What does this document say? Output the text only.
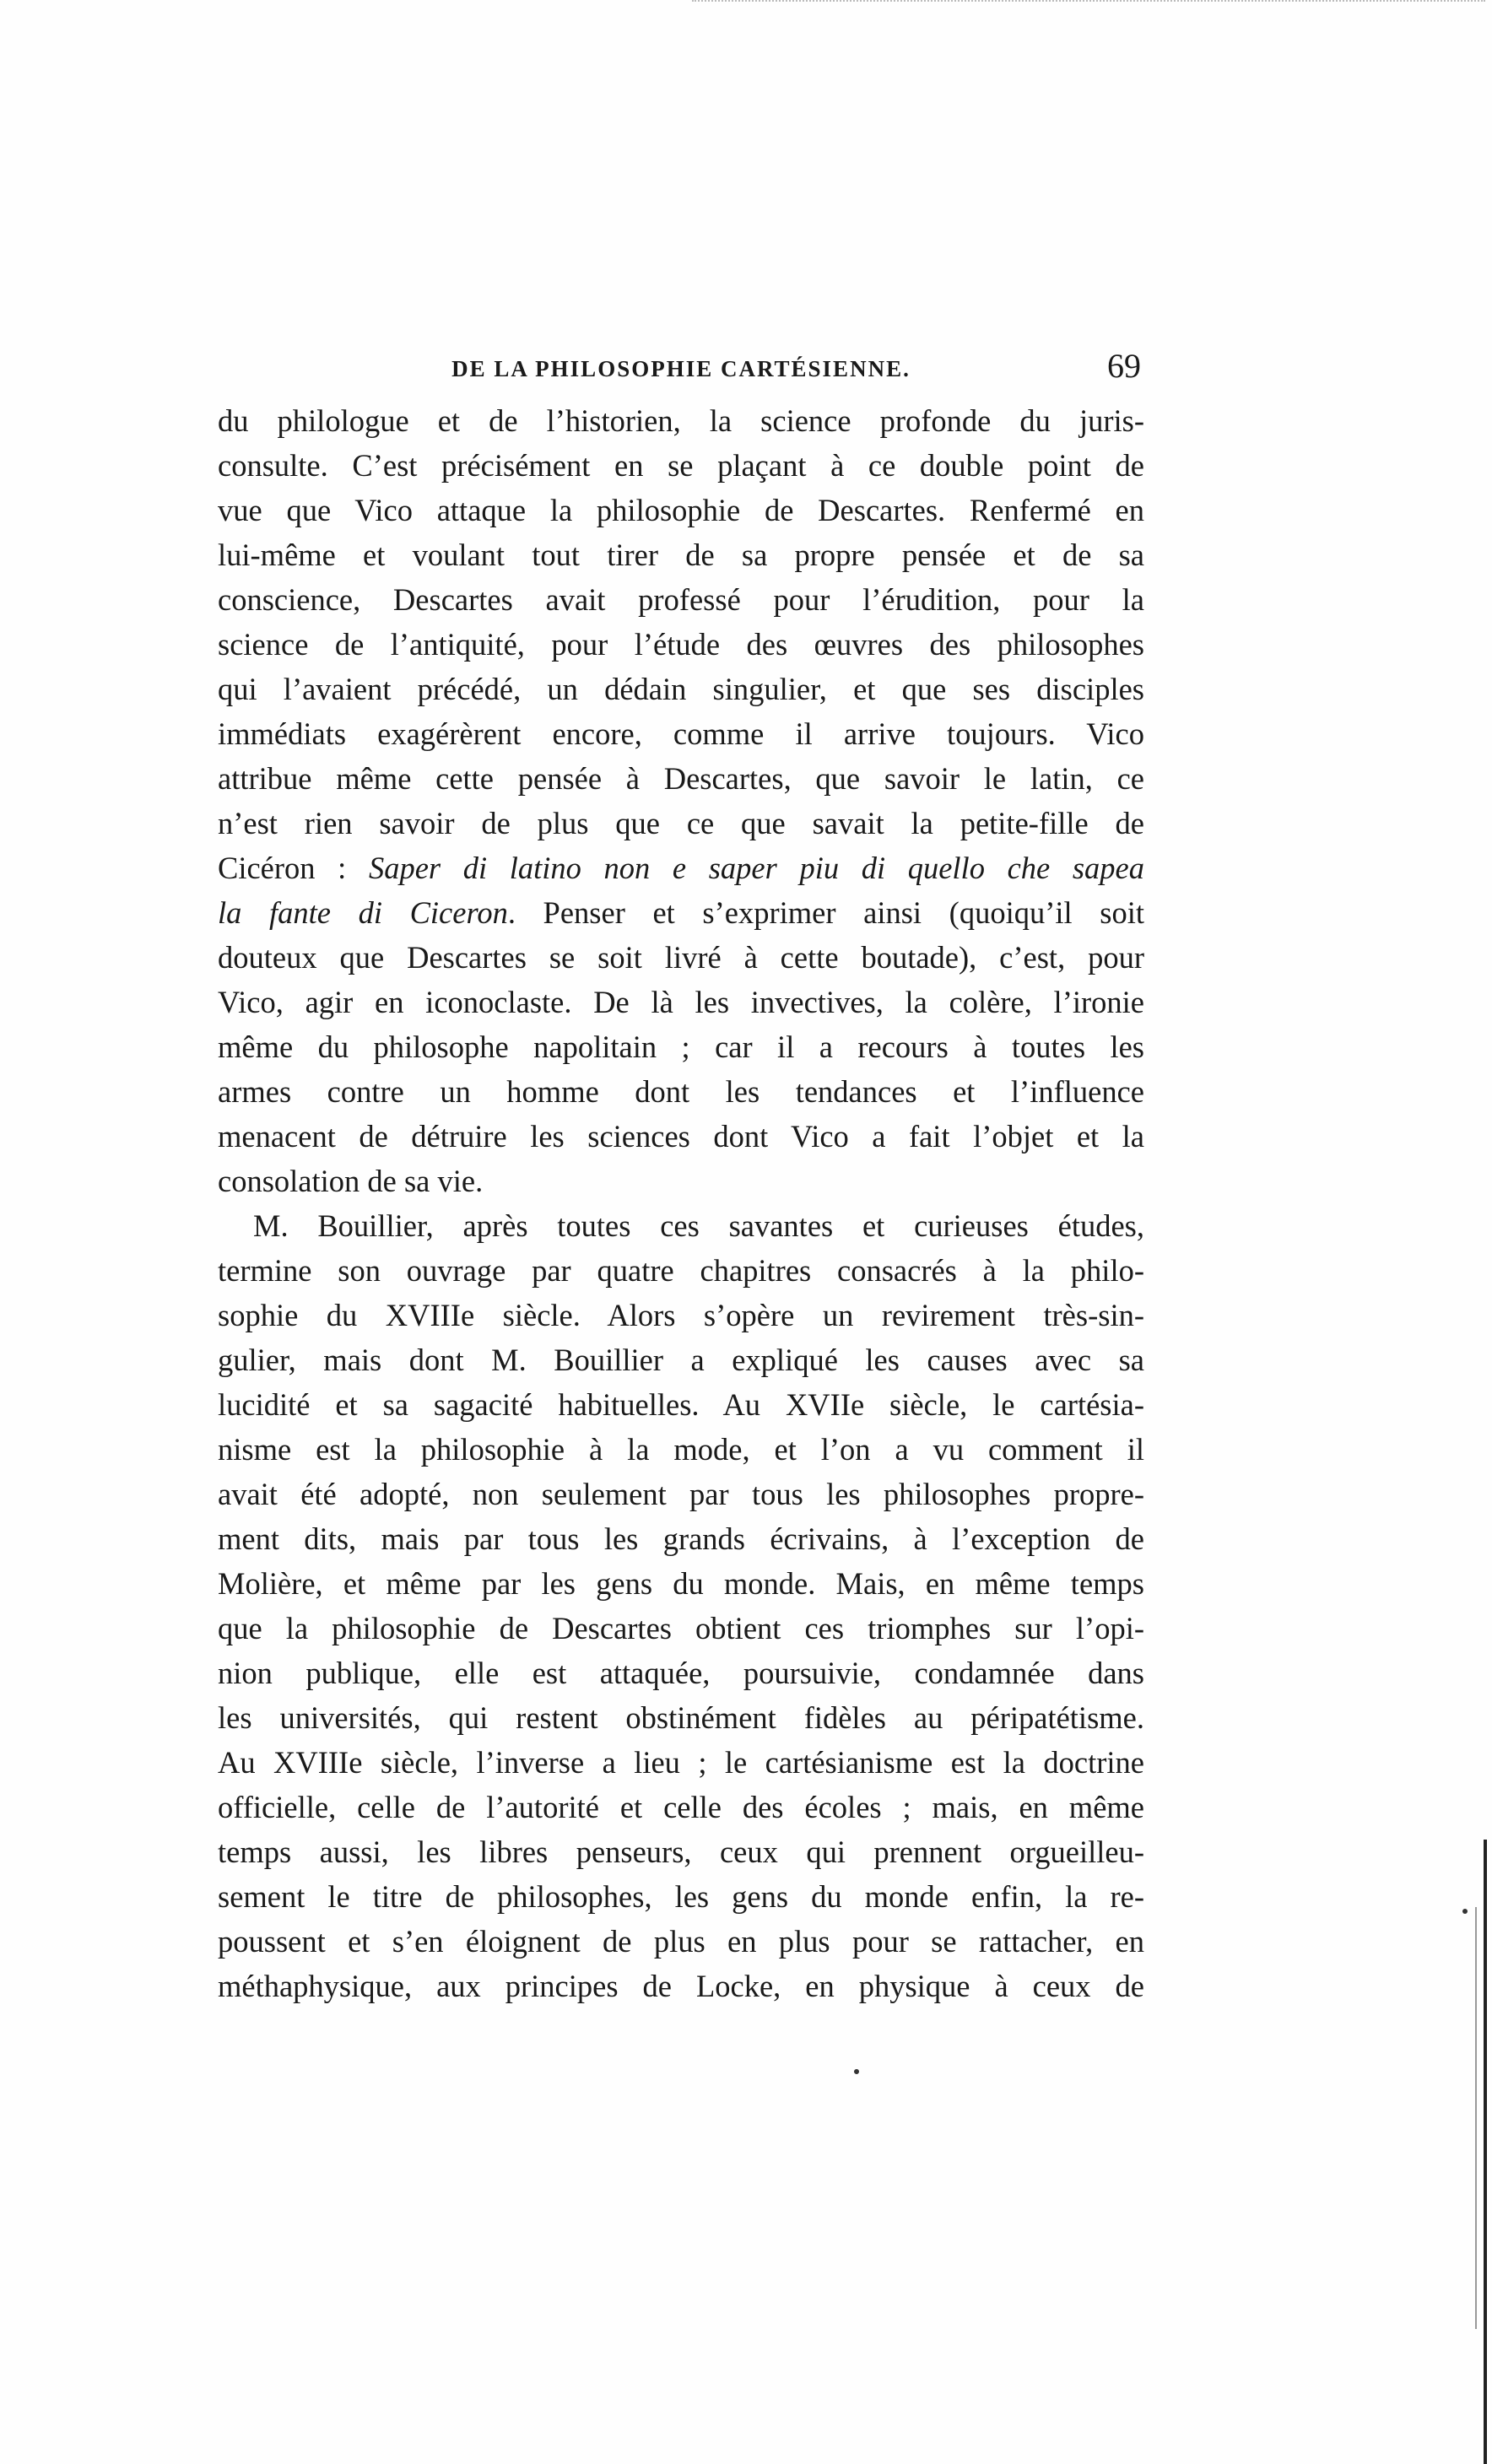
DE LA PHILOSOPHIE CARTÉSIENNE.	69
du philologue et de l’historien, la science profonde du juris-
consulte. C’est précisément en se plaçant à ce double point de
vue que Vico attaque la philosophie de Descartes. Renfermé en
lui-même et voulant tout tirer de sa propre pensée et de sa
conscience, Descartes avait professé pour l’érudition, pour la
science de l’antiquité, pour l’étude des œuvres des philosophes
qui l’avaient précédé, un dédain singulier, et que ses disciples
immédiats exagérèrent encore, comme il arrive toujours. Vico
attribue même cette pensée à Descartes, que savoir le latin, ce
n’est rien savoir de plus que ce que savait la petite-fille de
Cicéron : Saper di latino non e saper piu di quello che sapea
la fante di Ciceron. Penser et s’exprimer ainsi (quoiqu’il soit
douteux que Descartes se soit livré à cette boutade), c’est, pour
Vico, agir en iconoclaste. De là les invectives, la colère, l’ironie
même du philosophe napolitain ; car il a recours à toutes les
armes contre un homme dont les tendances et l’influence
menacent de détruire les sciences dont Vico a fait l’objet et la
consolation de sa vie.
M. Bouillier, après toutes ces savantes et curieuses études,
termine son ouvrage par quatre chapitres consacrés à la philo-
sophie du XVIIIe siècle. Alors s’opère un revirement très-sin-
gulier, mais dont M. Bouillier a expliqué les causes avec sa
lucidité et sa sagacité habituelles. Au XVIIe siècle, le cartésia-
nisme est la philosophie à la mode, et l’on a vu comment il
avait été adopté, non seulement par tous les philosophes propre-
ment dits, mais par tous les grands écrivains, à l’exception de
Molière, et même par les gens du monde. Mais, en même temps
que la philosophie de Descartes obtient ces triomphes sur l’opi-
nion publique, elle est attaquée, poursuivie, condamnée dans
les universités, qui restent obstinément fidèles au péripatétisme.
Au XVIIIe siècle, l’inverse a lieu ; le cartésianisme est la doctrine
officielle, celle de l’autorité et celle des écoles ; mais, en même
temps aussi, les libres penseurs, ceux qui prennent orgueilleu-
sement le titre de philosophes, les gens du monde enfin, la re-
poussent et s’en éloignent de plus en plus pour se rattacher, en
méthaphysique, aux principes de Locke, en physique à ceux de
